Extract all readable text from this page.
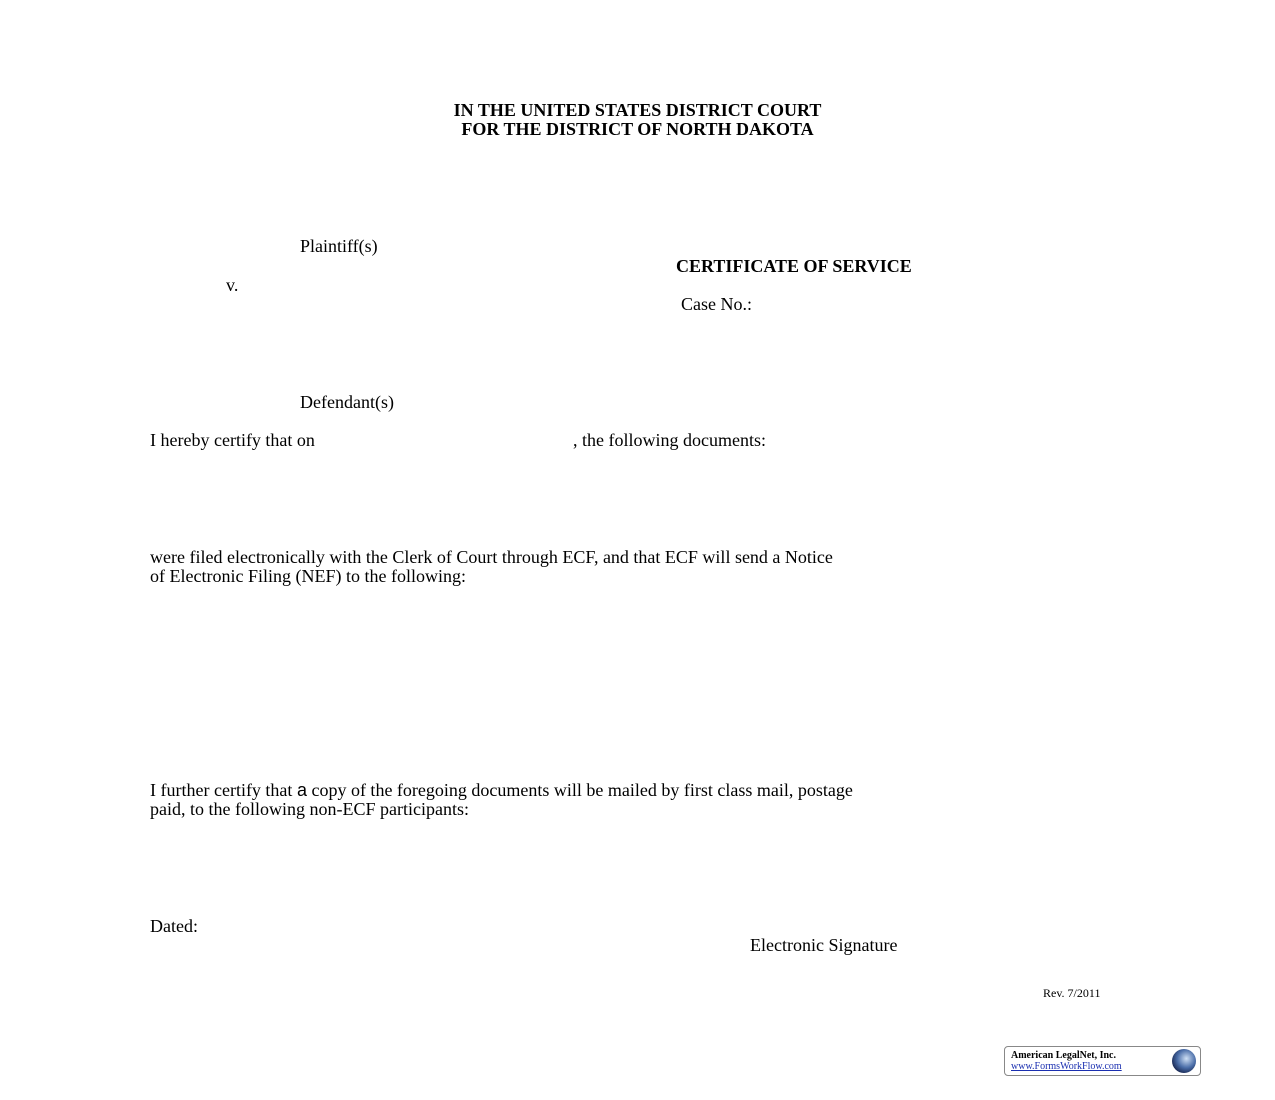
IN THE UNITED STATES DISTRICT COURT
FOR THE DISTRICT OF NORTH DAKOTA
Plaintiff(s)
CERTIFICATE OF SERVICE
v.
Case No.:
Defendant(s)
I hereby certify that on	, the following documents:
were filed electronically with the Clerk of Court through ECF, and that ECF will send a Notice
of Electronic Filing (NEF) to the following:
I further certify that a copy of the foregoing documents will be mailed by first class mail, postage
paid, to the following non-ECF participants:
Dated:
Electronic Signature
Rev. 7/2011
American LegalNet, Inc.
www.FormsWorkFlow.com
